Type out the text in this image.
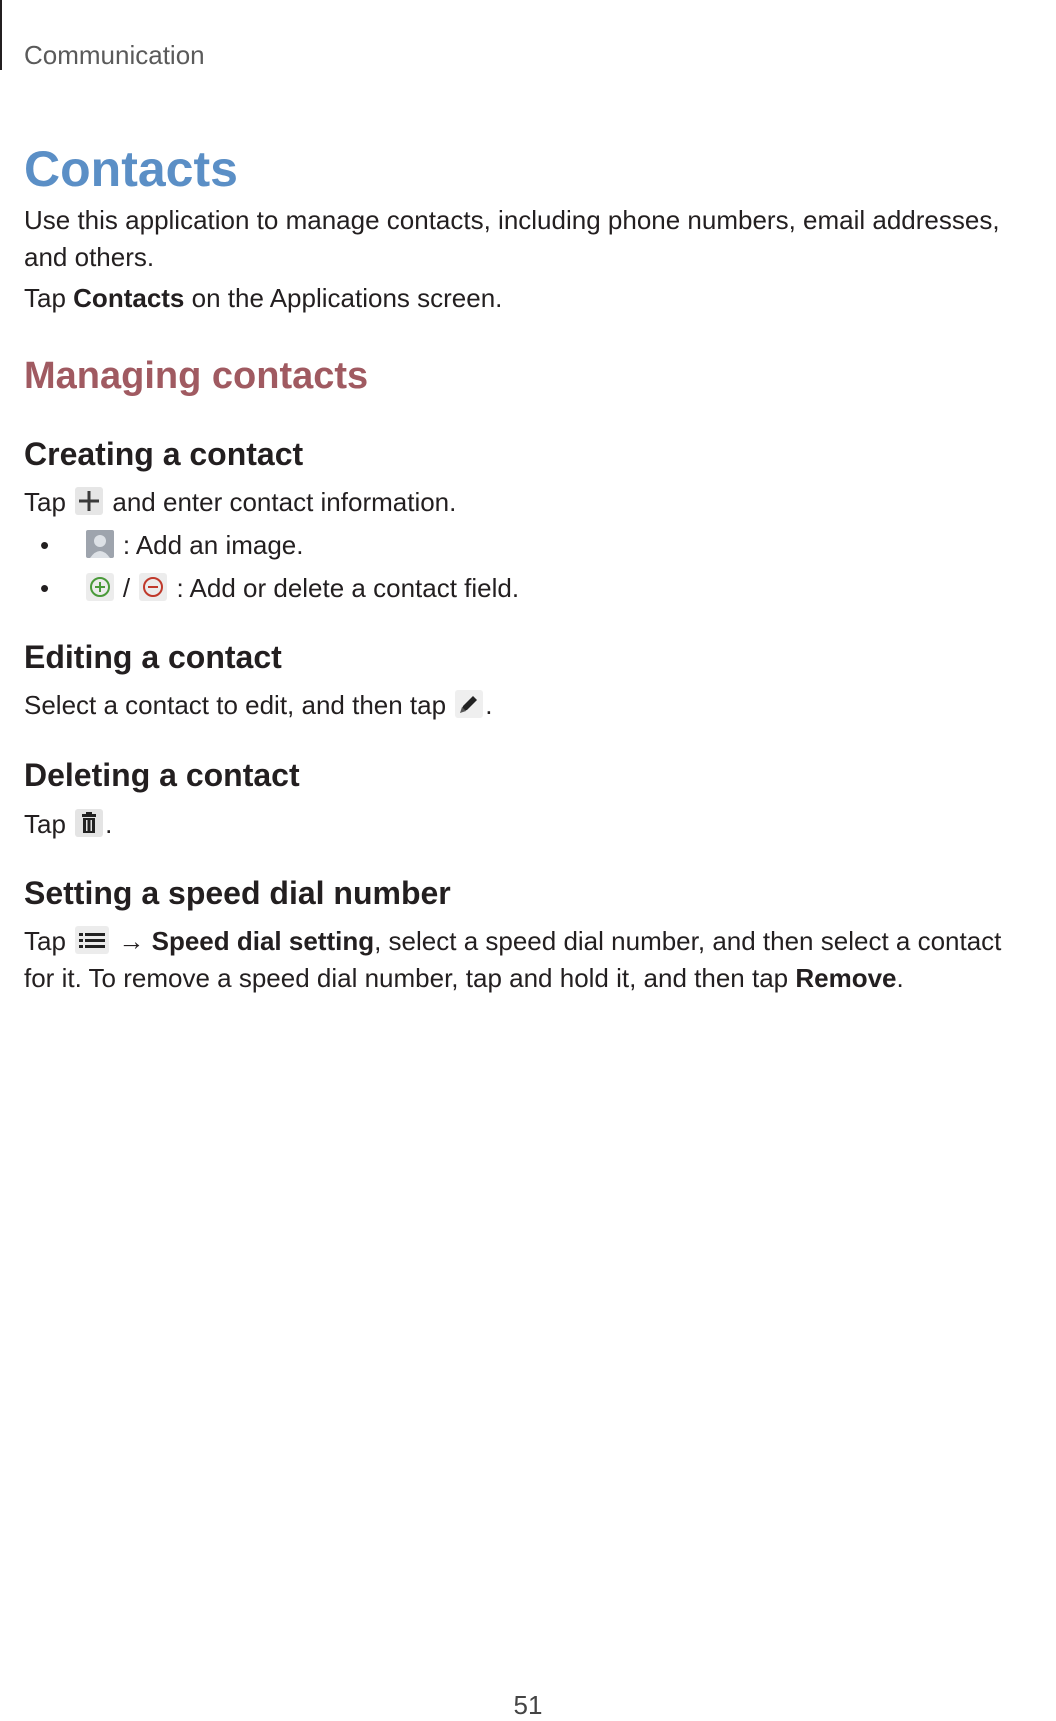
Communication
Contacts

Use this application to manage contacts, including phone numbers, email addresses, and others.

Tap Contacts on the Applications screen.

Managing contacts
Creating a contact

Tap
and enter contact information.

•	: Add an image.
•	/ : Add or delete a contact field.
Editing a contact

Select a contact to edit, and then tap
.

Deleting a contact

Tap
.

Setting a speed dial number

Tap
→ Speed dial setting, select a speed dial number, and then select a contact for it. To remove a speed dial number, tap and hold it, and then tap Remove.

51
